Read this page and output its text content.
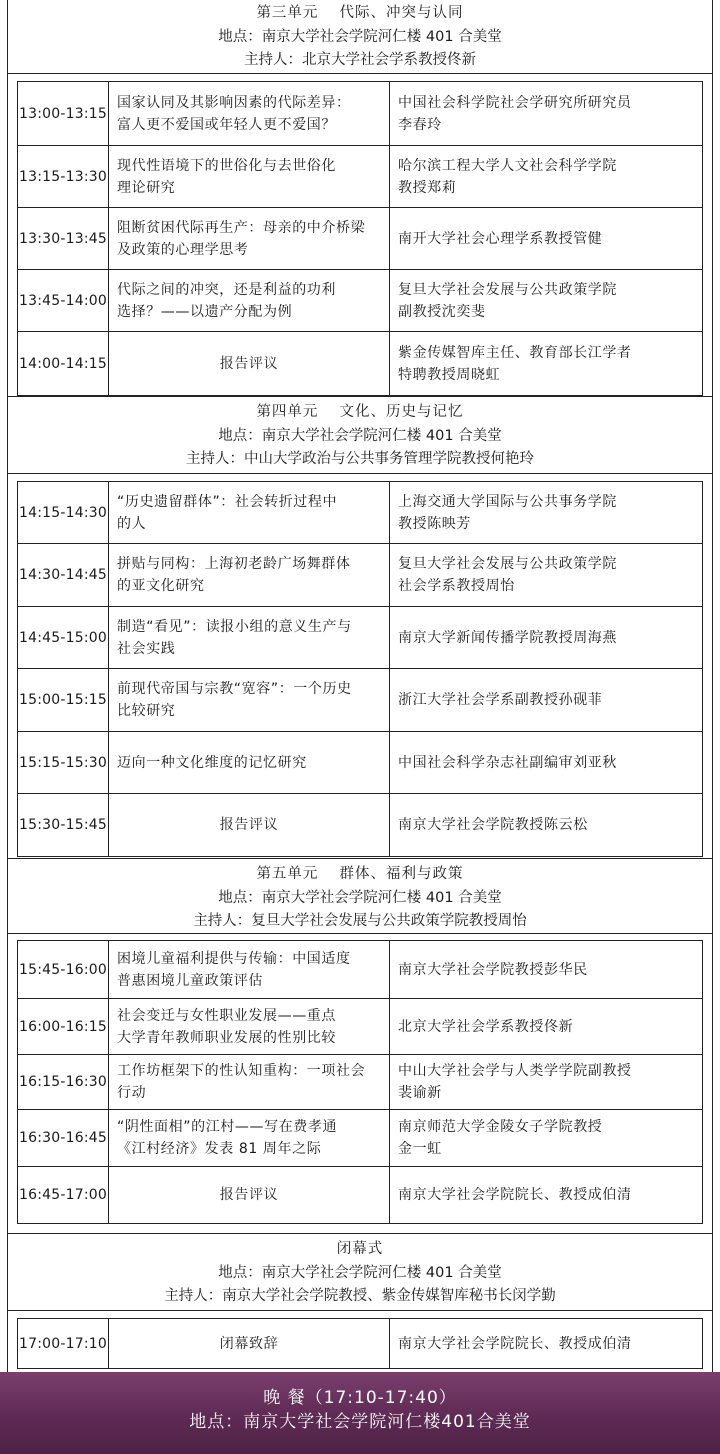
第三单元　 代际、冲突与认同
地点：南京大学社会学院河仁楼 401 合美堂
主持人：北京大学社会学系教授佟新
13:00-13:15	国家认同及其影响因素的代际差异：
富人更不爱国或年轻人更不爱国？	中国社会科学院社会学研究所研究员
李春玲

13:15-13:30	现代性语境下的世俗化与去世俗化
理论研究	哈尔滨工程大学人文社会科学学院
教授郑莉

13:30-13:45	阻断贫困代际再生产：母亲的中介桥梁
及政策的心理学思考	南开大学社会心理学系教授管健

13:45-14:00	代际之间的冲突，还是利益的功利
选择？——以遗产分配为例	复旦大学社会发展与公共政策学院
副教授沈奕斐

14:00-14:15	报告评议	紫金传媒智库主任、教育部长江学者
特聘教授周晓虹
第四单元　 文化、历史与记忆
地点：南京大学社会学院河仁楼 401 合美堂
主持人：中山大学政治与公共事务管理学院教授何艳玲
14:15-14:30	“历史遗留群体”：社会转折过程中
的人	上海交通大学国际与公共事务学院
教授陈映芳

14:30-14:45	拼贴与同构：上海初老龄广场舞群体
的亚文化研究	复旦大学社会发展与公共政策学院
社会学系教授周怡

14:45-15:00	制造“看见”：读报小组的意义生产与
社会实践	南京大学新闻传播学院教授周海燕

15:00-15:15	前现代帝国与宗教“宽容”：一个历史
比较研究	浙江大学社会学系副教授孙砚菲

15:15-15:30	迈向一种文化维度的记忆研究	中国社会科学杂志社副编审刘亚秋

15:30-15:45	报告评议	南京大学社会学院教授陈云松
第五单元　 群体、福利与政策
地点：南京大学社会学院河仁楼 401 合美堂
主持人：复旦大学社会发展与公共政策学院教授周怡
15:45-16:00	困境儿童福利提供与传输：中国适度
普惠困境儿童政策评估	南京大学社会学院教授彭华民

16:00-16:15	社会变迁与女性职业发展——重点
大学青年教师职业发展的性别比较	北京大学社会学系教授佟新

16:15-16:30	工作坊框架下的性认知重构：一项社会
行动	中山大学社会学与人类学学院副教授
裴谕新

16:30-16:45	“阴性面相”的江村——写在费孝通
《江村经济》发表 81 周年之际	南京师范大学金陵女子学院教授
金一虹

16:45-17:00	报告评议	南京大学社会学院院长、教授成伯清
闭幕式
地点：南京大学社会学院河仁楼 401 合美堂
主持人：南京大学社会学院教授、紫金传媒智库秘书长闵学勤
17:00-17:10	闭幕致辞	南京大学社会学院院长、教授成伯清
晚 餐（17:10-17:40）
地点：南京大学社会学院河仁楼401合美堂
